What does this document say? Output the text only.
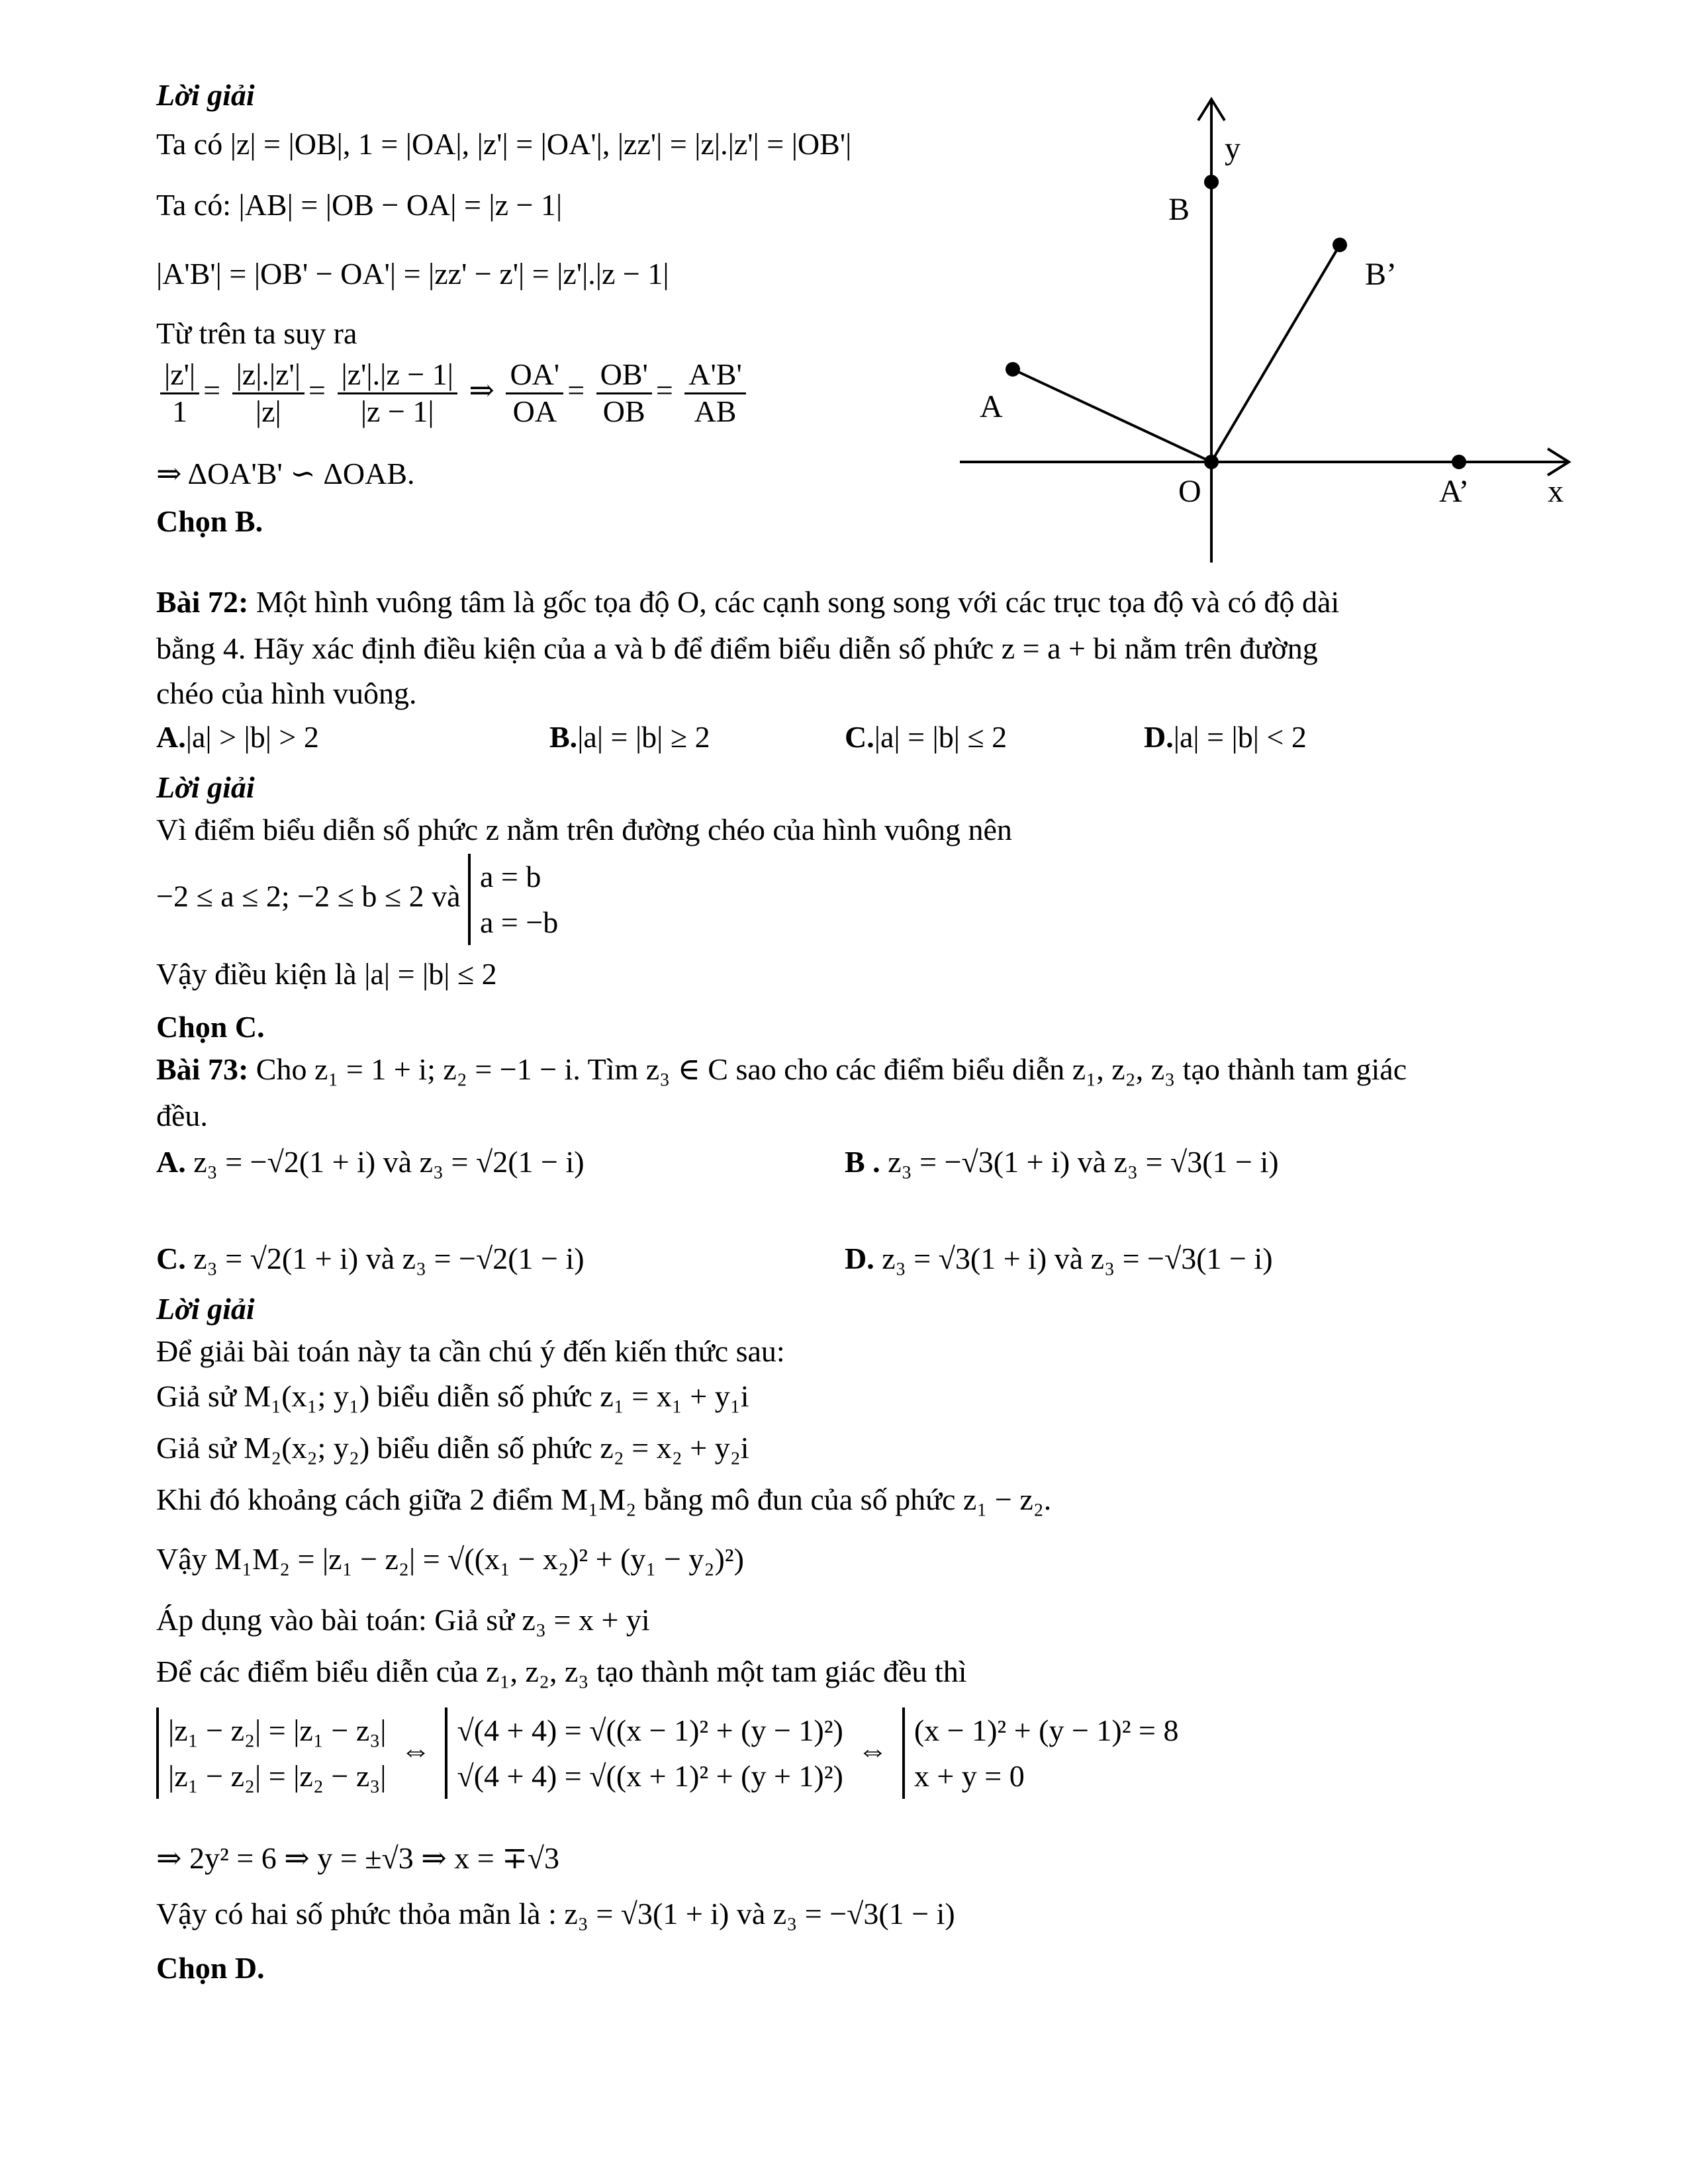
Lời giải
Ta có |z| = |OB|, 1 = |OA|, |z'| = |OA'|, |zz'| = |z|.|z'| = |OB'|
Ta có: |AB| = |OB − OA| = |z − 1|
|A'B'| = |OB' − OA'| = |zz' − z'| = |z'|.|z − 1|
Từ trên ta suy ra
$\frac{|z'|}{1} = \frac{|z|.|z'|}{|z|} = \frac{|z'|.|z - 1|}{|z - 1|}$ ⇒ $\frac{OA'}{OA} = \frac{OB'}{OB} = \frac{A'B'}{AB}$
⇒ ΔOA'B' ∽ ΔOAB.
Chọn B.
y
B
B’
A
O	A’ x
Bài 72: Một hình vuông tâm là gốc tọa độ O, các cạnh song song với các trục tọa độ và có độ dài
bằng 4. Hãy xác định điều kiện của a và b để điểm biểu diễn số phức z = a + bi nằm trên đường
chéo của hình vuông.
A.|a| > |b| > 2	B.|a| = |b| ≥ 2	C.|a| = |b| ≤ 2	D.|a| = |b| < 2
Lời giải
Vì điểm biểu diễn số phức z nằm trên đường chéo của hình vuông nên
−2 ≤ a ≤ 2; −2 ≤ b ≤ 2 và
a = b
a = −b
Vậy điều kiện là |a| = |b| ≤ 2
Chọn C.
Bài 73: Cho z₁ = 1 + i; z₂ = −1 − i. Tìm z₃ ∈ C sao cho các điểm biểu diễn z₁, z₂, z₃ tạo thành tam giác
đều.
A. z₃ = −√2(1 + i) và z₃ = √2(1 − i)	B . z₃ = −√3(1 + i) và z₃ = √3(1 − i)
C. z₃ = √2(1 + i) và z₃ = −√2(1 − i)	D. z₃ = √3(1 + i) và z₃ = −√3(1 − i)
Lời giải
Để giải bài toán này ta cần chú ý đến kiến thức sau:
Giả sử M₁(x₁; y₁) biểu diễn số phức z₁ = x₁ + y₁i
Giả sử M₂(x₂; y₂) biểu diễn số phức z₂ = x₂ + y₂i
Khi đó khoảng cách giữa 2 điểm M₁M₂ bằng mô đun của số phức z₁ − z₂.
Vậy M₁M₂ = |z₁ − z₂| = √((x₁ − x₂)² + (y₁ − y₂)²)
Áp dụng vào bài toán: Giả sử z₃ = x + yi
Để các điểm biểu diễn của z₁, z₂, z₃ tạo thành một tam giác đều thì
|z₁ − z₂| = |z₁ − z₃|
|z₁ − z₂| = |z₂ − z₃|
⇔
√(4 + 4) = √((x − 1)² + (y − 1)²)
√(4 + 4) = √((x + 1)² + (y + 1)²)
⇔
(x − 1)² + (y − 1)² = 8
x + y = 0
⇒ 2y² = 6 ⇒ y = ±√3 ⇒ x = ∓√3
Vậy có hai số phức thỏa mãn là : z₃ = √3(1 + i) và z₃ = −√3(1 − i)
Chọn D.
